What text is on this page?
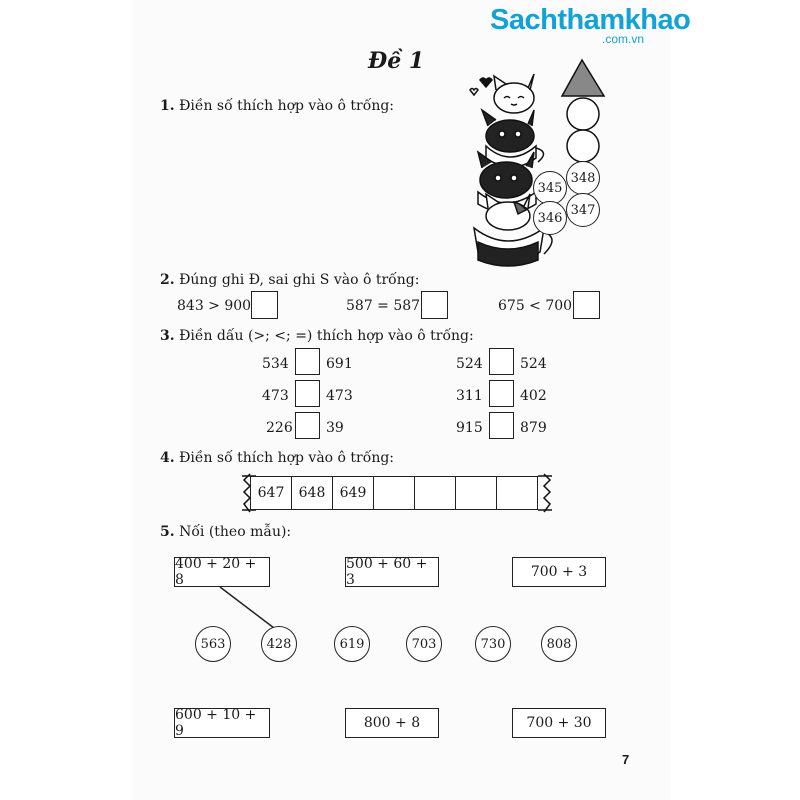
Sachthamkhao
.com.vn
Đề 1
1. Điền số thích hợp vào ô trống:
345
348
346
347
2. Đúng ghi Đ, sai ghi S vào ô trống:
843 > 900	587 = 587	675 < 700
3. Điền dấu (>; <; =) thích hợp vào ô trống:
534	691
473	473
226 39
524	524
311	402
915	879
4. Điền số thích hợp vào ô trống:
647	648	649
5. Nối (theo mẫu):
400 + 20 + 8
500 + 60 + 3	700 + 3
563	428	619	703	730	808
600 + 10 + 9	800 + 8	700 + 30
7
